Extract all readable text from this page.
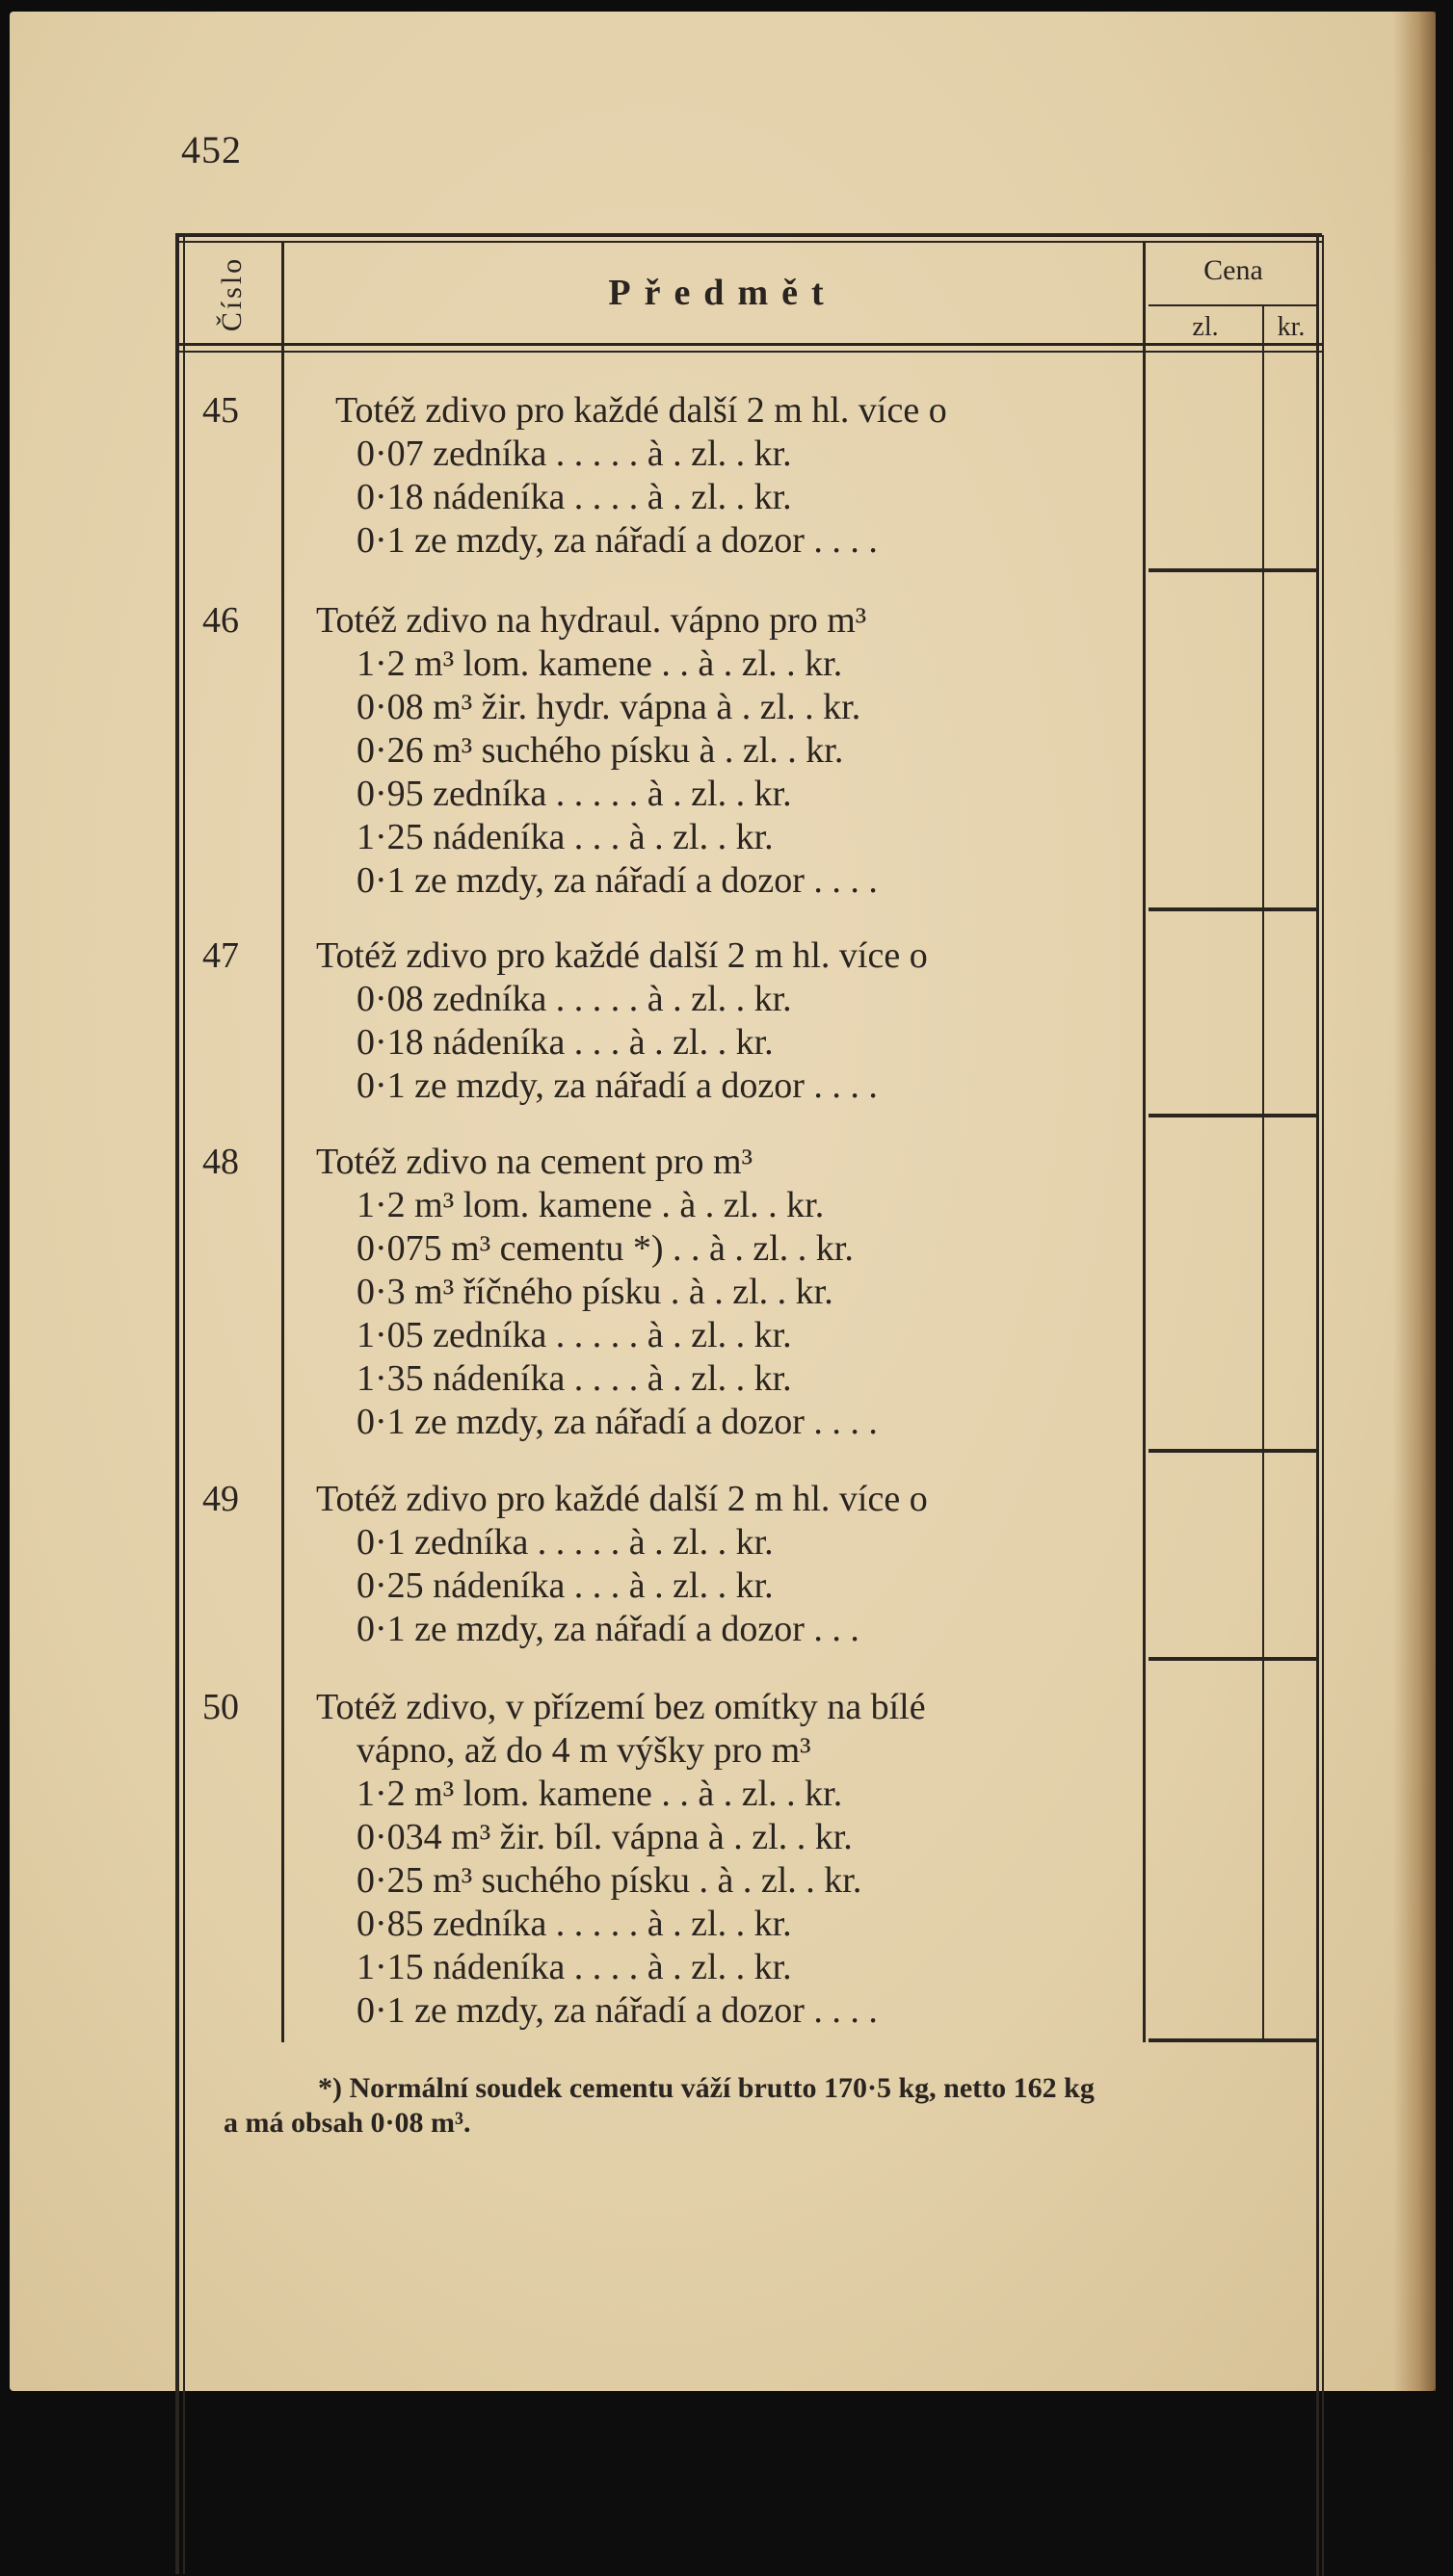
452
Číslo	Předmět
Cena
zl.	kr.
45	Totéž zdivo pro každé další 2 m hl. více o
0·07 zedníka . . . . . à . zl. . kr.
0·18 nádeníka . . . . à . zl. . kr.
0·1 ze mzdy, za nářadí a dozor . . . .
46 Totéž zdivo na hydraul. vápno pro m³
1·2 m³ lom. kamene . . à . zl. . kr.
0·08 m³ žir. hydr. vápna à . zl. . kr.
0·26 m³ suchého písku à . zl. . kr.
0·95 zedníka . . . . . à . zl. . kr.
1·25 nádeníka . . . à . zl. . kr.
0·1 ze mzdy, za nářadí a dozor . . . .
47 Totéž zdivo pro každé další 2 m hl. více o
0·08 zedníka . . . . . à . zl. . kr.
0·18 nádeníka . . . à . zl. . kr.
0·1 ze mzdy, za nářadí a dozor . . . .
48 Totéž zdivo na cement pro m³
1·2 m³ lom. kamene . à . zl. . kr.
0·075 m³ cementu *) . . à . zl. . kr.
0·3 m³ říčného písku . à . zl. . kr.
1·05 zedníka . . . . . à . zl. . kr.
1·35 nádeníka . . . . à . zl. . kr.
0·1 ze mzdy, za nářadí a dozor . . . .
49 Totéž zdivo pro každé další 2 m hl. více o
0·1 zedníka . . . . . à . zl. . kr.
0·25 nádeníka . . . à . zl. . kr.
0·1 ze mzdy, za nářadí a dozor . . .
50 Totéž zdivo, v přízemí bez omítky na bílé
vápno, až do 4 m výšky pro m³
1·2 m³ lom. kamene . . à . zl. . kr.
0·034 m³ žir. bíl. vápna à . zl. . kr.
0·25 m³ suchého písku . à . zl. . kr.
0·85 zedníka . . . . . à . zl. . kr.
1·15 nádeníka . . . . à . zl. . kr.
0·1 ze mzdy, za nářadí a dozor . . . .
*) Normální soudek cementu váží brutto 170·5 kg, netto 162 kg
a má obsah 0·08 m³.
